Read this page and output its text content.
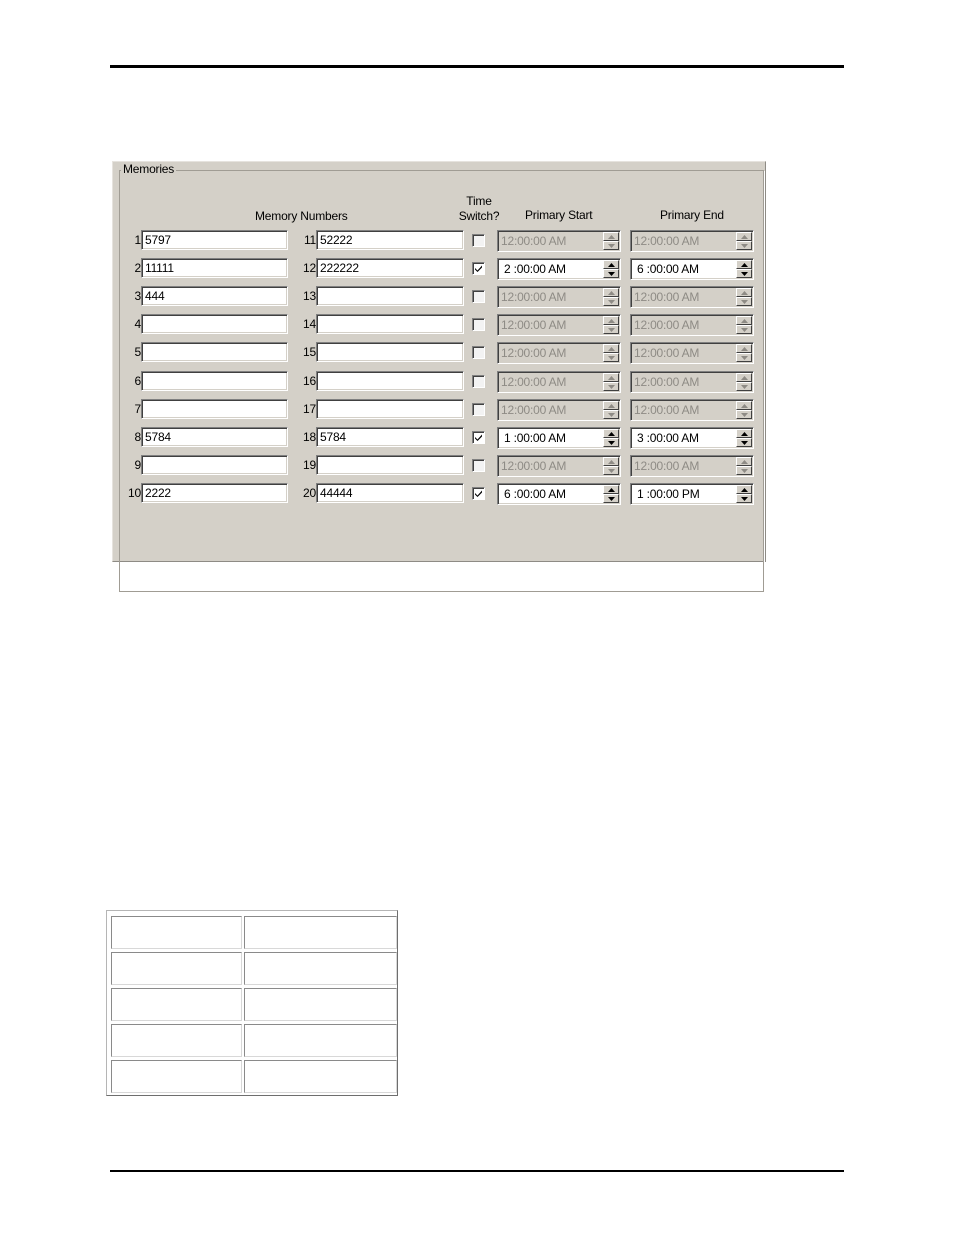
Memories
Memory Numbers
Time
Switch? Primary Start	Primary End
1 5797	11 52222	12:00:00 AM	12:00:00 AM
2 11111	12 222222	2 :00:00 AM	6 :00:00 AM
3 444	13	12:00:00 AM	12:00:00 AM
4	14	12:00:00 AM	12:00:00 AM
5	15	12:00:00 AM	12:00:00 AM
6	16	12:00:00 AM	12:00:00 AM
7	17	12:00:00 AM	12:00:00 AM
8 5784	18 5784	1 :00:00 AM	3 :00:00 AM
9	19	12:00:00 AM	12:00:00 AM
10 2222	20 44444	6 :00:00 AM	1 :00:00 PM
